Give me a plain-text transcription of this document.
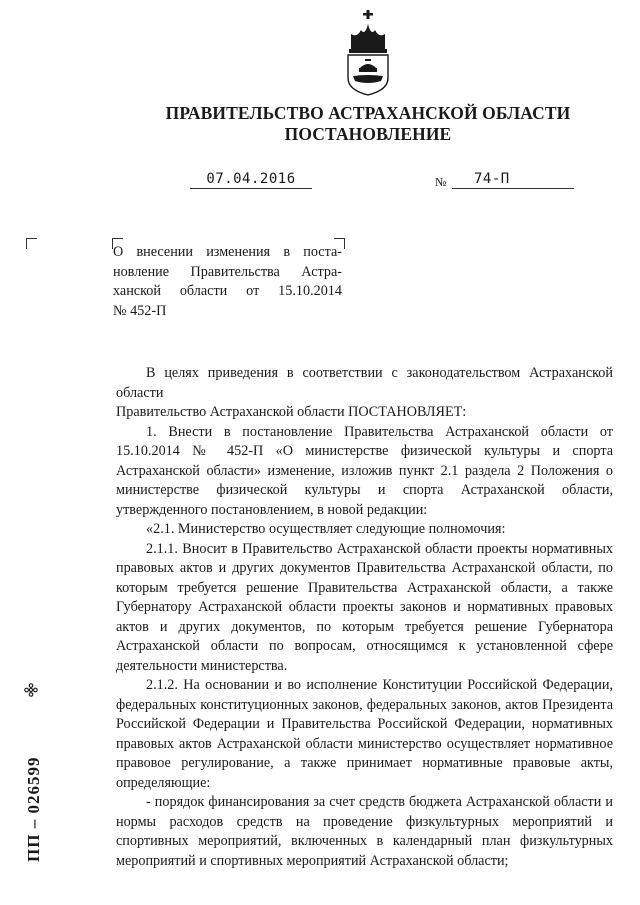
ПРАВИТЕЛЬСТВО АСТРАХАНСКОЙ ОБЛАСТИ
ПОСТАНОВЛЕНИЕ
07.04.2016	№ 74-П
О внесении изменения в поста-
новление Правительства Астра-
ханской области от 15.10.2014
№ 452-П

В целях приведения в соответствии с законодательством Астраханской области

Правительство Астраханской области ПОСТАНОВЛЯЕТ:

1. Внести в постановление Правительства Астраханской области от 15.10.2014 № 452-П «О министерстве физической культуры и спорта Астраханской области» изменение, изложив пункт 2.1 раздела 2 Положения о министерстве физической культуры и спорта Астраханской области, утвержденного постановлением, в новой редакции:

«2.1. Министерство осуществляет следующие полномочия:

2.1.1. Вносит в Правительство Астраханской области проекты нормативных правовых актов и других документов Правительства Астраханской области, по которым требуется решение Правительства Астраханской области, а также Губернатору Астраханской области проекты законов и нормативных правовых актов и других документов, по которым требуется решение Губернатора Астраханской области по вопросам, относящимся к установленной сфере деятельности министерства.

2.1.2. На основании и во исполнение Конституции Российской Федерации, федеральных конституционных законов, федеральных законов, актов Президента Российской Федерации и Правительства Российской Федерации, нормативных правовых актов Астраханской области министерство осуществляет нормативное правовое регулирование, а также принимает нормативные правовые акты, определяющие:

- порядок финансирования за счет средств бюджета Астраханской области и нормы расходов средств на проведение физкультурных мероприятий и спортивных мероприятий, включенных в календарный план физкультурных мероприятий и спортивных мероприятий Астраханской области;

ПП – 026599
